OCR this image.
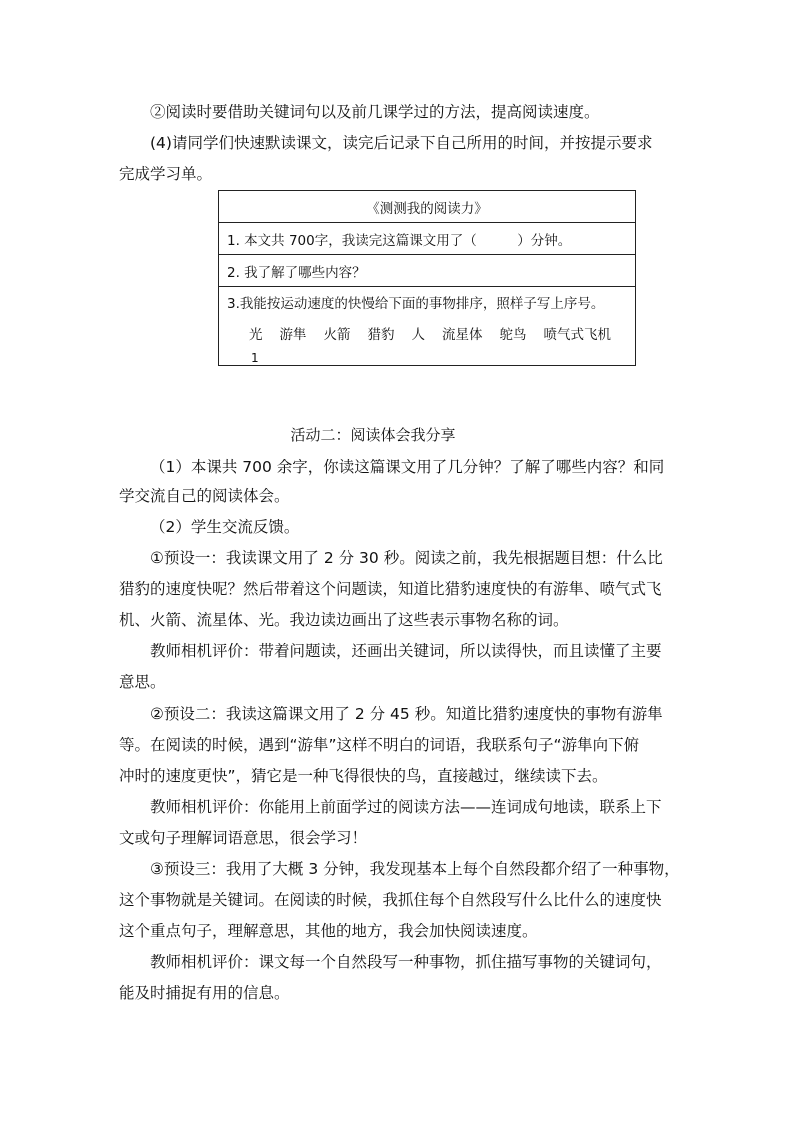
②阅读时要借助关键词句以及前几课学过的方法，提高阅读速度。
(4)请同学们快速默读课文，读完后记录下自己所用的时间，并按提示要求
完成学习单。
《测测我的阅读力》
1. 本文共 700字，我读完这篇课文用了（　　　）分钟。
2. 我了解了哪些内容？

3.我能按运动速度的快慢给下面的事物排序，照样子写上序号。
光 游隼 火箭 猎豹 人 流星体 鸵鸟 喷气式飞机
1
活动二：阅读体会我分享
（1）本课共 700 余字，你读这篇课文用了几分钟？了解了哪些内容？和同
学交流自己的阅读体会。
（2）学生交流反馈。
①预设一：我读课文用了 2 分 30 秒。阅读之前，我先根据题目想：什么比
猎豹的速度快呢？然后带着这个问题读，知道比猎豹速度快的有游隼、喷气式飞
机、火箭、流星体、光。我边读边画出了这些表示事物名称的词。
教师相机评价：带着问题读，还画出关键词，所以读得快，而且读懂了主要
意思。
②预设二：我读这篇课文用了 2 分 45 秒。知道比猎豹速度快的事物有游隼
等。在阅读的时候，遇到“游隼”这样不明白的词语，我联系句子“游隼向下俯
冲时的速度更快”，猜它是一种飞得很快的鸟，直接越过，继续读下去。
教师相机评价：你能用上前面学过的阅读方法——连词成句地读，联系上下
文或句子理解词语意思，很会学习！
③预设三：我用了大概 3 分钟，我发现基本上每个自然段都介绍了一种事物，
这个事物就是关键词。在阅读的时候，我抓住每个自然段写什么比什么的速度快
这个重点句子，理解意思，其他的地方，我会加快阅读速度。
教师相机评价：课文每一个自然段写一种事物，抓住描写事物的关键词句，
能及时捕捉有用的信息。
